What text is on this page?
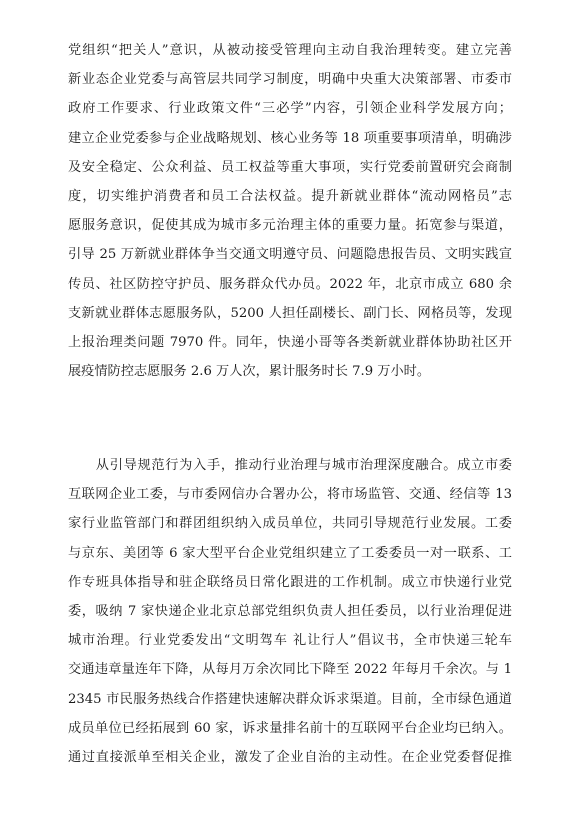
党组织“把关人”意识，从被动接受管理向主动自我治理转变。建立完善
新业态企业党委与高管层共同学习制度，明确中央重大决策部署、市委市
政府工作要求、行业政策文件“三必学”内容，引领企业科学发展方向；
建立企业党委参与企业战略规划、核心业务等 18 项重要事项清单，明确涉
及安全稳定、公众利益、员工权益等重大事项，实行党委前置研究会商制
度，切实维护消费者和员工合法权益。提升新就业群体“流动网格员”志
愿服务意识，促使其成为城市多元治理主体的重要力量。拓宽参与渠道，
引导 25 万新就业群体争当交通文明遵守员、问题隐患报告员、文明实践宣
传员、社区防控守护员、服务群众代办员。2022 年，北京市成立 680 余
支新就业群体志愿服务队，5200 人担任副楼长、副门长、网格员等，发现
上报治理类问题 7970 件。同年，快递小哥等各类新就业群体协助社区开
展疫情防控志愿服务 2.6 万人次，累计服务时长 7.9 万小时。
　　从引导规范行为入手，推动行业治理与城市治理深度融合。成立市委
互联网企业工委，与市委网信办合署办公，将市场监管、交通、经信等 13
家行业监管部门和群团组织纳入成员单位，共同引导规范行业发展。工委
与京东、美团等 6 家大型平台企业党组织建立了工委委员一对一联系、工
作专班具体指导和驻企联络员日常化跟进的工作机制。成立市快递行业党
委，吸纳 7 家快递企业北京总部党组织负责人担任委员，以行业治理促进
城市治理。行业党委发出“文明驾车 礼让行人”倡议书，全市快递三轮车
交通违章量连年下降，从每月万余次同比下降至 2022 年每月千余次。与 1
2345 市民服务热线合作搭建快速解决群众诉求渠道。目前，全市绿色通道
成员单位已经拓展到 60 家，诉求量排名前十的互联网平台企业均已纳入。
通过直接派单至相关企业，激发了企业自治的主动性。在企业党委督促推
